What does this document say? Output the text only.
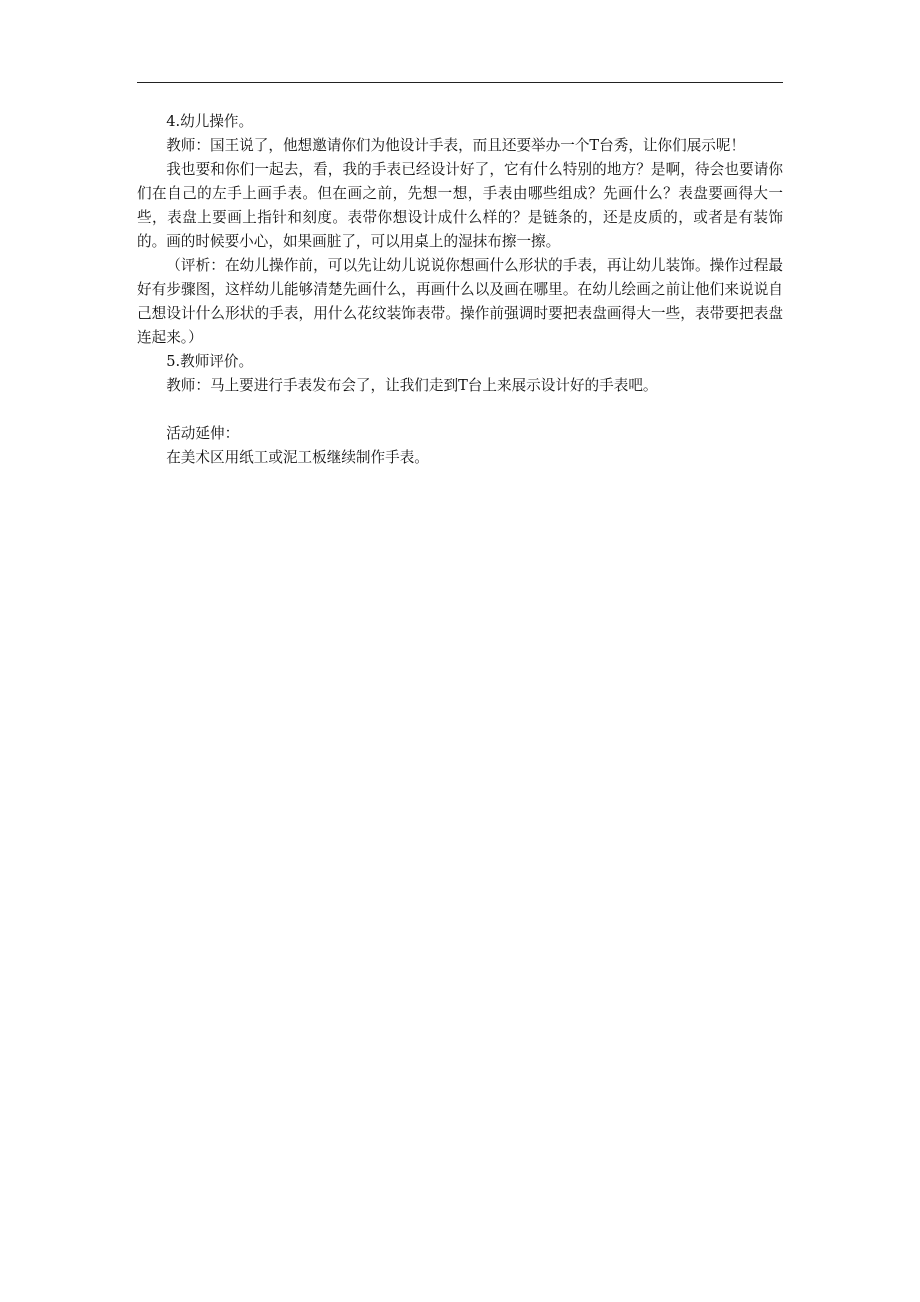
4.幼儿操作。

教师：国王说了，他想邀请你们为他设计手表，而且还要举办一个T台秀，让你们展示呢！

我也要和你们一起去，看，我的手表已经设计好了，它有什么特别的地方？是啊，待会也要请你们在自己的左手上画手表。但在画之前，先想一想，手表由哪些组成？先画什么？表盘要画得大一些，表盘上要画上指针和刻度。表带你想设计成什么样的？是链条的，还是皮质的，或者是有装饰的。画的时候要小心，如果画脏了，可以用桌上的湿抹布擦一擦。

（评析：在幼儿操作前，可以先让幼儿说说你想画什么形状的手表，再让幼儿装饰。操作过程最好有步骤图，这样幼儿能够清楚先画什么，再画什么以及画在哪里。在幼儿绘画之前让他们来说说自己想设计什么形状的手表，用什么花纹装饰表带。操作前强调时要把表盘画得大一些，表带要把表盘连起来。）

5.教师评价。

教师：马上要进行手表发布会了，让我们走到T台上来展示设计好的手表吧。

活动延伸：

在美术区用纸工或泥工板继续制作手表。
